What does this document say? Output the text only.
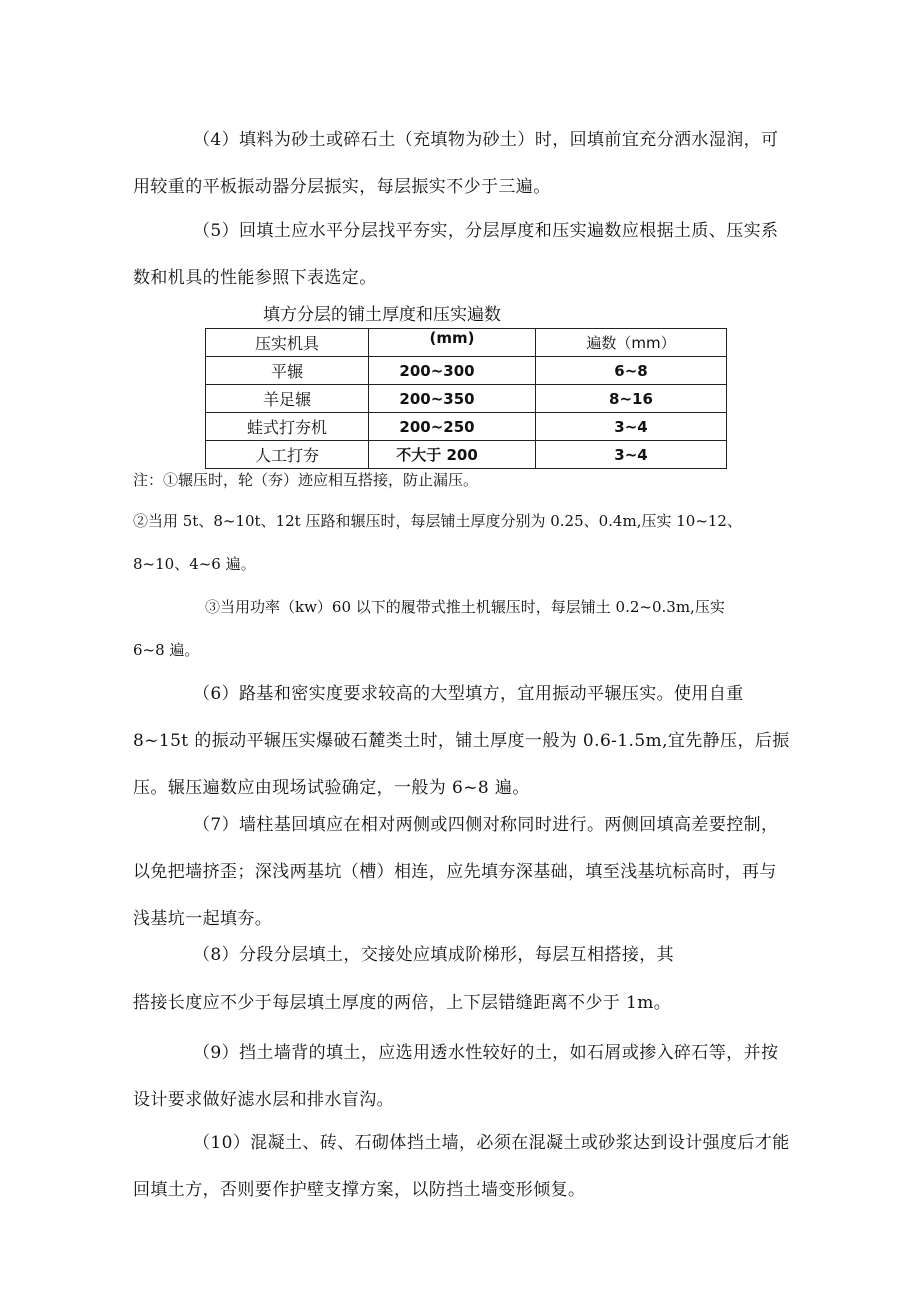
（4）填料为砂土或碎石土（充填物为砂土）时，回填前宜充分洒水湿润，可用较重的平板振动器分层振实，每层振实不少于三遍。

（5）回填土应水平分层找平夯实，分层厚度和压实遍数应根据土质、压实系数和机具的性能参照下表选定。

填方分层的铺土厚度和压实遍数
压实机具	(mm)	遍数（mm）
平辗	200~300	6~8
羊足辗	200~350	8~16
蛙式打夯机	200~250	3~4
人工打夯	不大于 200	3~4

注：①辗压时，轮（夯）迹应相互搭接，防止漏压。

②当用 5t、8~10t、12t 压路和辗压时，每层铺土厚度分别为 0.25、0.4m,压实 10~12、

8~10、4~6 遍。

③当用功率（kw）60 以下的履带式推土机辗压时，每层铺土 0.2~0.3m,压实

6~8 遍。

（6）路基和密实度要求较高的大型填方，宜用振动平辗压实。使用自重 8~15t 的振动平辗压实爆破石麓类土时，铺土厚度一般为 0.6-1.5m,宜先静压，后振压。辗压遍数应由现场试验确定，一般为 6~8 遍。

（7）墙柱基回填应在相对两侧或四侧对称同时进行。两侧回填高差要控制，以免把墙挤歪；深浅两基坑（槽）相连，应先填夯深基础，填至浅基坑标高时，再与浅基坑一起填夯。

（8）分段分层填土，交接处应填成阶梯形，每层互相搭接，其

搭接长度应不少于每层填土厚度的两倍，上下层错缝距离不少于 1m。

（9）挡土墙背的填土，应选用透水性较好的土，如石屑或掺入碎石等，并按设计要求做好滤水层和排水盲沟。

（10）混凝土、砖、石砌体挡土墙，必须在混凝土或砂浆达到设计强度后才能回填土方，否则要作护壁支撑方案，以防挡土墙变形倾复。
